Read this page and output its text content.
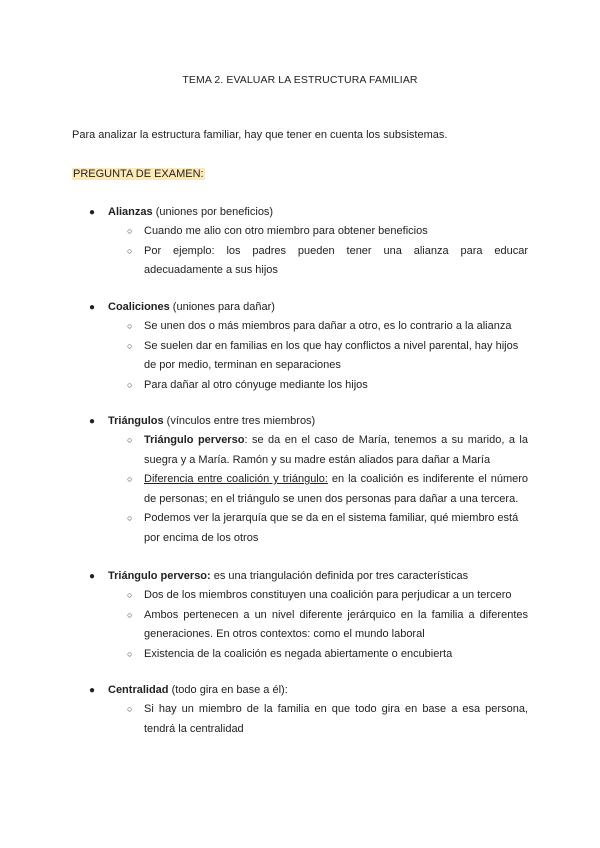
TEMA 2. EVALUAR LA ESTRUCTURA FAMILIAR
Para analizar la estructura familiar, hay que tener en cuenta los subsistemas.
PREGUNTA DE EXAMEN:
● Alianzas (uniones por beneficios)
○ Cuando me alio con otro miembro para obtener beneficios
○ Por ejemplo: los padres pueden tener una alianza para educar adecuadamente a sus hijos
● Coaliciones (uniones para dañar)
○ Se unen dos o más miembros para dañar a otro, es lo contrario a la alianza
○ Se suelen dar en familias en los que hay conflictos a nivel parental, hay hijos de por medio, terminan en separaciones
○ Para dañar al otro cónyuge mediante los hijos
● Triángulos (vínculos entre tres miembros)
○ Triángulo perverso: se da en el caso de María, tenemos a su marido, a la suegra y a María. Ramón y su madre están aliados para dañar a María
○ Diferencia entre coalición y triángulo: en la coalición es indiferente el número de personas; en el triángulo se unen dos personas para dañar a una tercera.
○ Podemos ver la jerarquía que se da en el sistema familiar, qué miembro está por encima de los otros
● Triángulo perverso: es una triangulación definida por tres características
○ Dos de los miembros constituyen una coalición para perjudicar a un tercero
○ Ambos pertenecen a un nivel diferente jerárquico en la familia a diferentes generaciones. En otros contextos: como el mundo laboral
○ Existencia de la coalición es negada abiertamente o encubierta
● Centralidad (todo gira en base a él):
○ Si hay un miembro de la familia en que todo gira en base a esa persona, tendrá la centralidad
